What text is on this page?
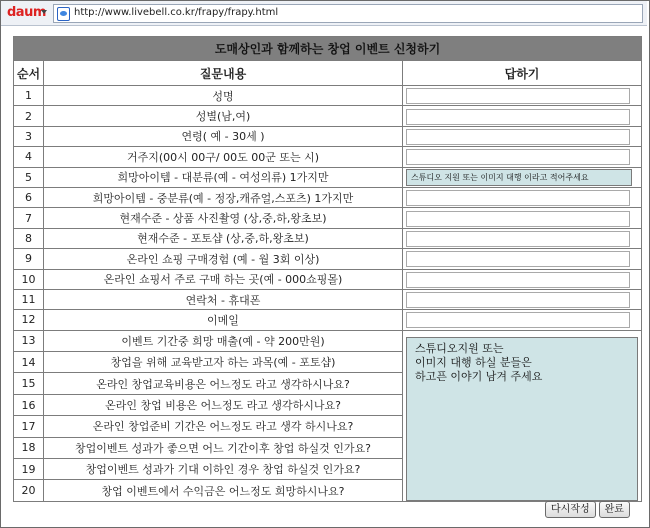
daum	http://www.livebell.co.kr/frapy/frapy.html
도매상인과 함께하는 창업 이벤트 신청하기		
순서	질문내용	답하기
1	성명	

2	성별(남,여)	

3	연령( 예 - 30세 )	

4	거주지(00시 00구/ 00도 00군 또는 시)	

5	희망아이템 - 대분류(예 - 여성의류) 1가지만	스튜디오 지원 또는 이미지 대행 이라고 적어주세요

6	희망아이템 - 중분류(예 - 정장,캐쥬얼,스포츠) 1가지만	

7	현재수준 - 상품 사진촬영 (상,중,하,왕초보)	

8	현재수준 - 포토샵 (상,중,하,왕초보)	

9	온라인 쇼핑 구매경험 (예 - 월 3회 이상)	

10	온라인 쇼핑서 주로 구매 하는 곳(예 - 000쇼핑몰)	

11	연락처 - 휴대폰	

12	이메일	

13	이벤트 기간중 희망 매출(예 - 약 200만원)	스튜디오지원 또는
이미지 대행 하실 분들은
하고픈 이야기 남겨 주세요

14	창업을 위해 교육받고자 하는 과목(예 - 포토샵)	
15	온라인 창업교육비용은 어느정도 라고 생각하시나요?	
16	온라인 창업 비용은 어느정도 라고 생각하시나요?	
17	온라인 창업준비 기간은 어느정도 라고 생각 하시나요?	
18	창업이벤트 성과가 좋으면 어느 기간이후 창업 하실것 인가요?	
19	창업이벤트 성과가 기대 이하인 경우 창업 하실것 인가요?	
20	창업 이벤트에서 수익금은 어느정도 희망하시나요?	
다시작성 완료
